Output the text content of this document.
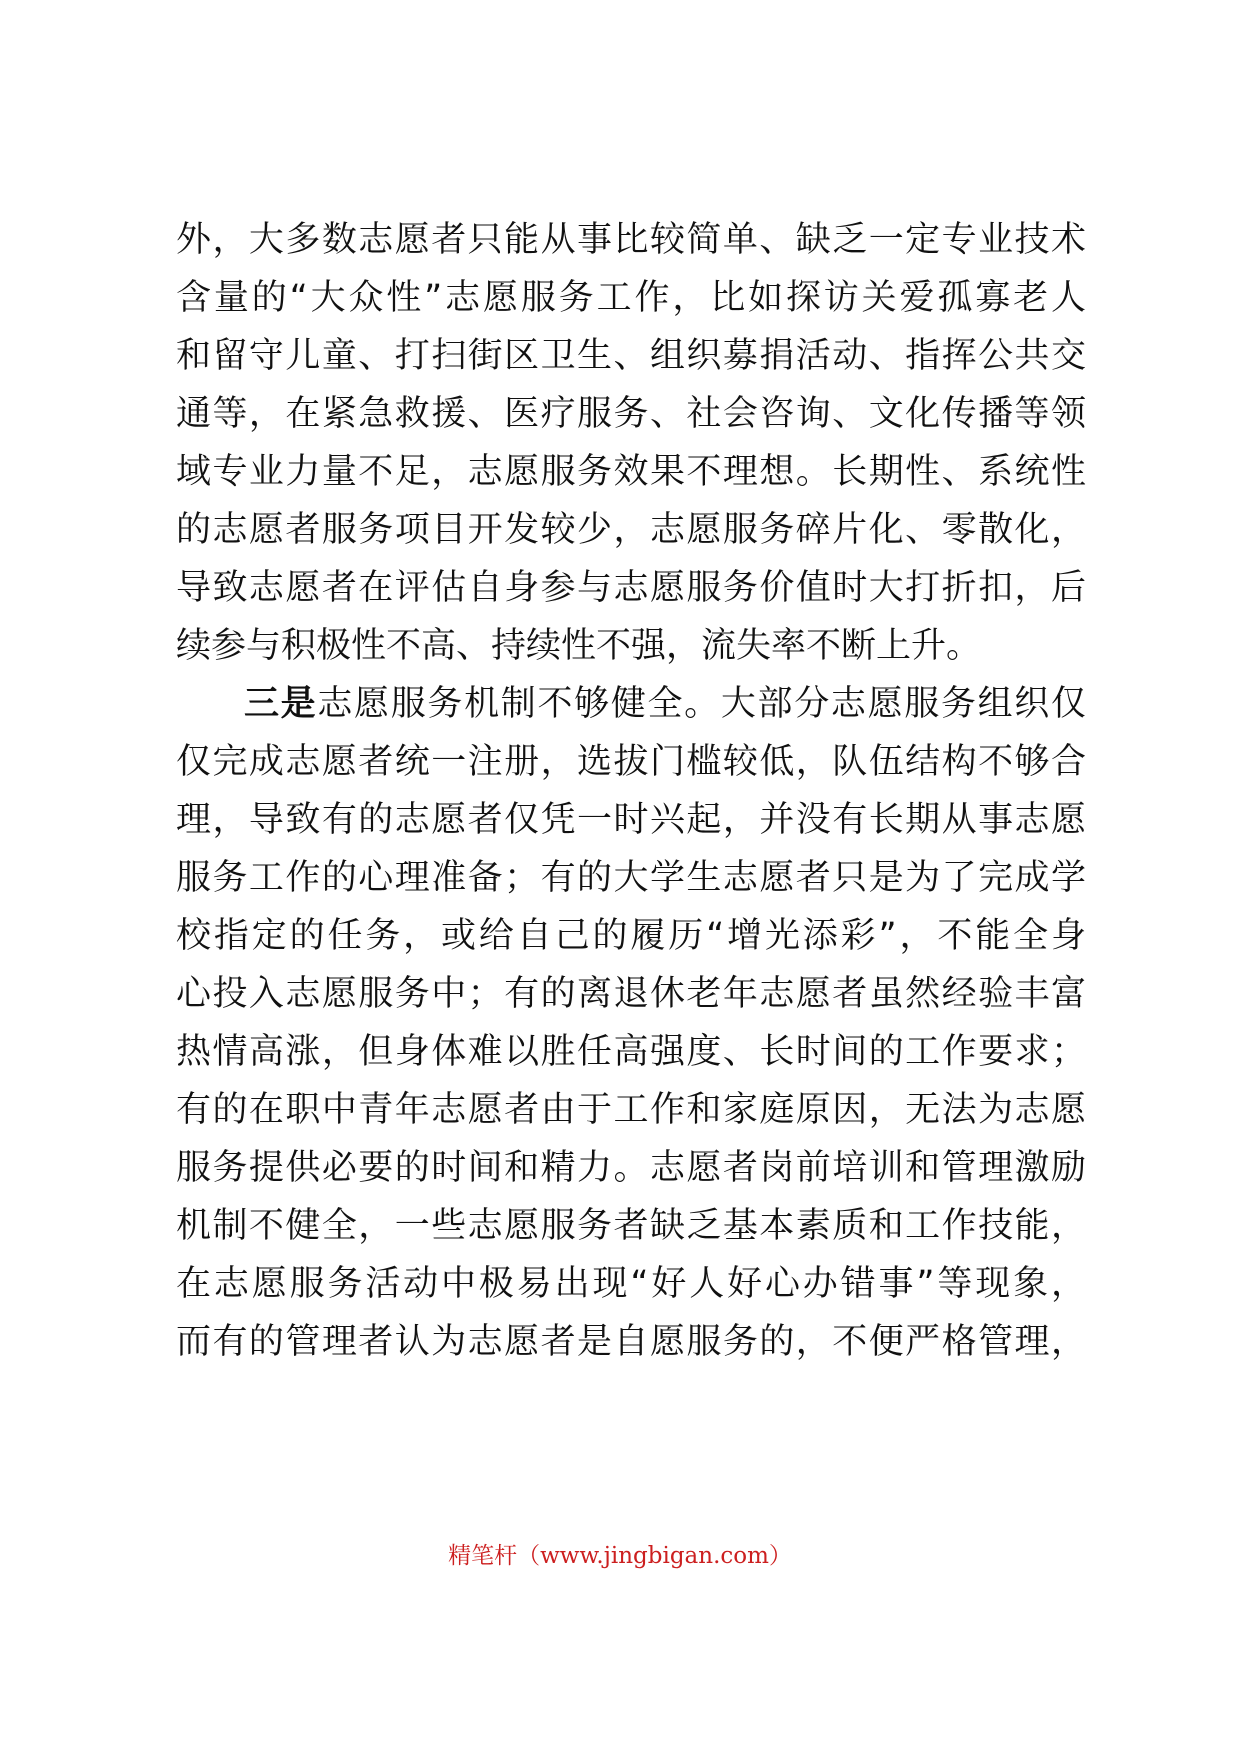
外，大多数志愿者只能从事比较简单、缺乏一定专业技术
含量的“大众性”志愿服务工作，比如探访关爱孤寡老人
和留守儿童、打扫街区卫生、组织募捐活动、指挥公共交
通等，在紧急救援、医疗服务、社会咨询、文化传播等领
域专业力量不足，志愿服务效果不理想。长期性、系统性
的志愿者服务项目开发较少，志愿服务碎片化、零散化，
导致志愿者在评估自身参与志愿服务价值时大打折扣，后
续参与积极性不高、持续性不强，流失率不断上升。
三是志愿服务机制不够健全。大部分志愿服务组织仅
仅完成志愿者统一注册，选拔门槛较低，队伍结构不够合
理，导致有的志愿者仅凭一时兴起，并没有长期从事志愿
服务工作的心理准备；有的大学生志愿者只是为了完成学
校指定的任务，或给自己的履历“增光添彩”，不能全身
心投入志愿服务中；有的离退休老年志愿者虽然经验丰富
热情高涨，但身体难以胜任高强度、长时间的工作要求；
有的在职中青年志愿者由于工作和家庭原因，无法为志愿
服务提供必要的时间和精力。志愿者岗前培训和管理激励
机制不健全，一些志愿服务者缺乏基本素质和工作技能，
在志愿服务活动中极易出现“好人好心办错事”等现象，
而有的管理者认为志愿者是自愿服务的，不便严格管理，
精笔杆（www.jingbigan.com）
